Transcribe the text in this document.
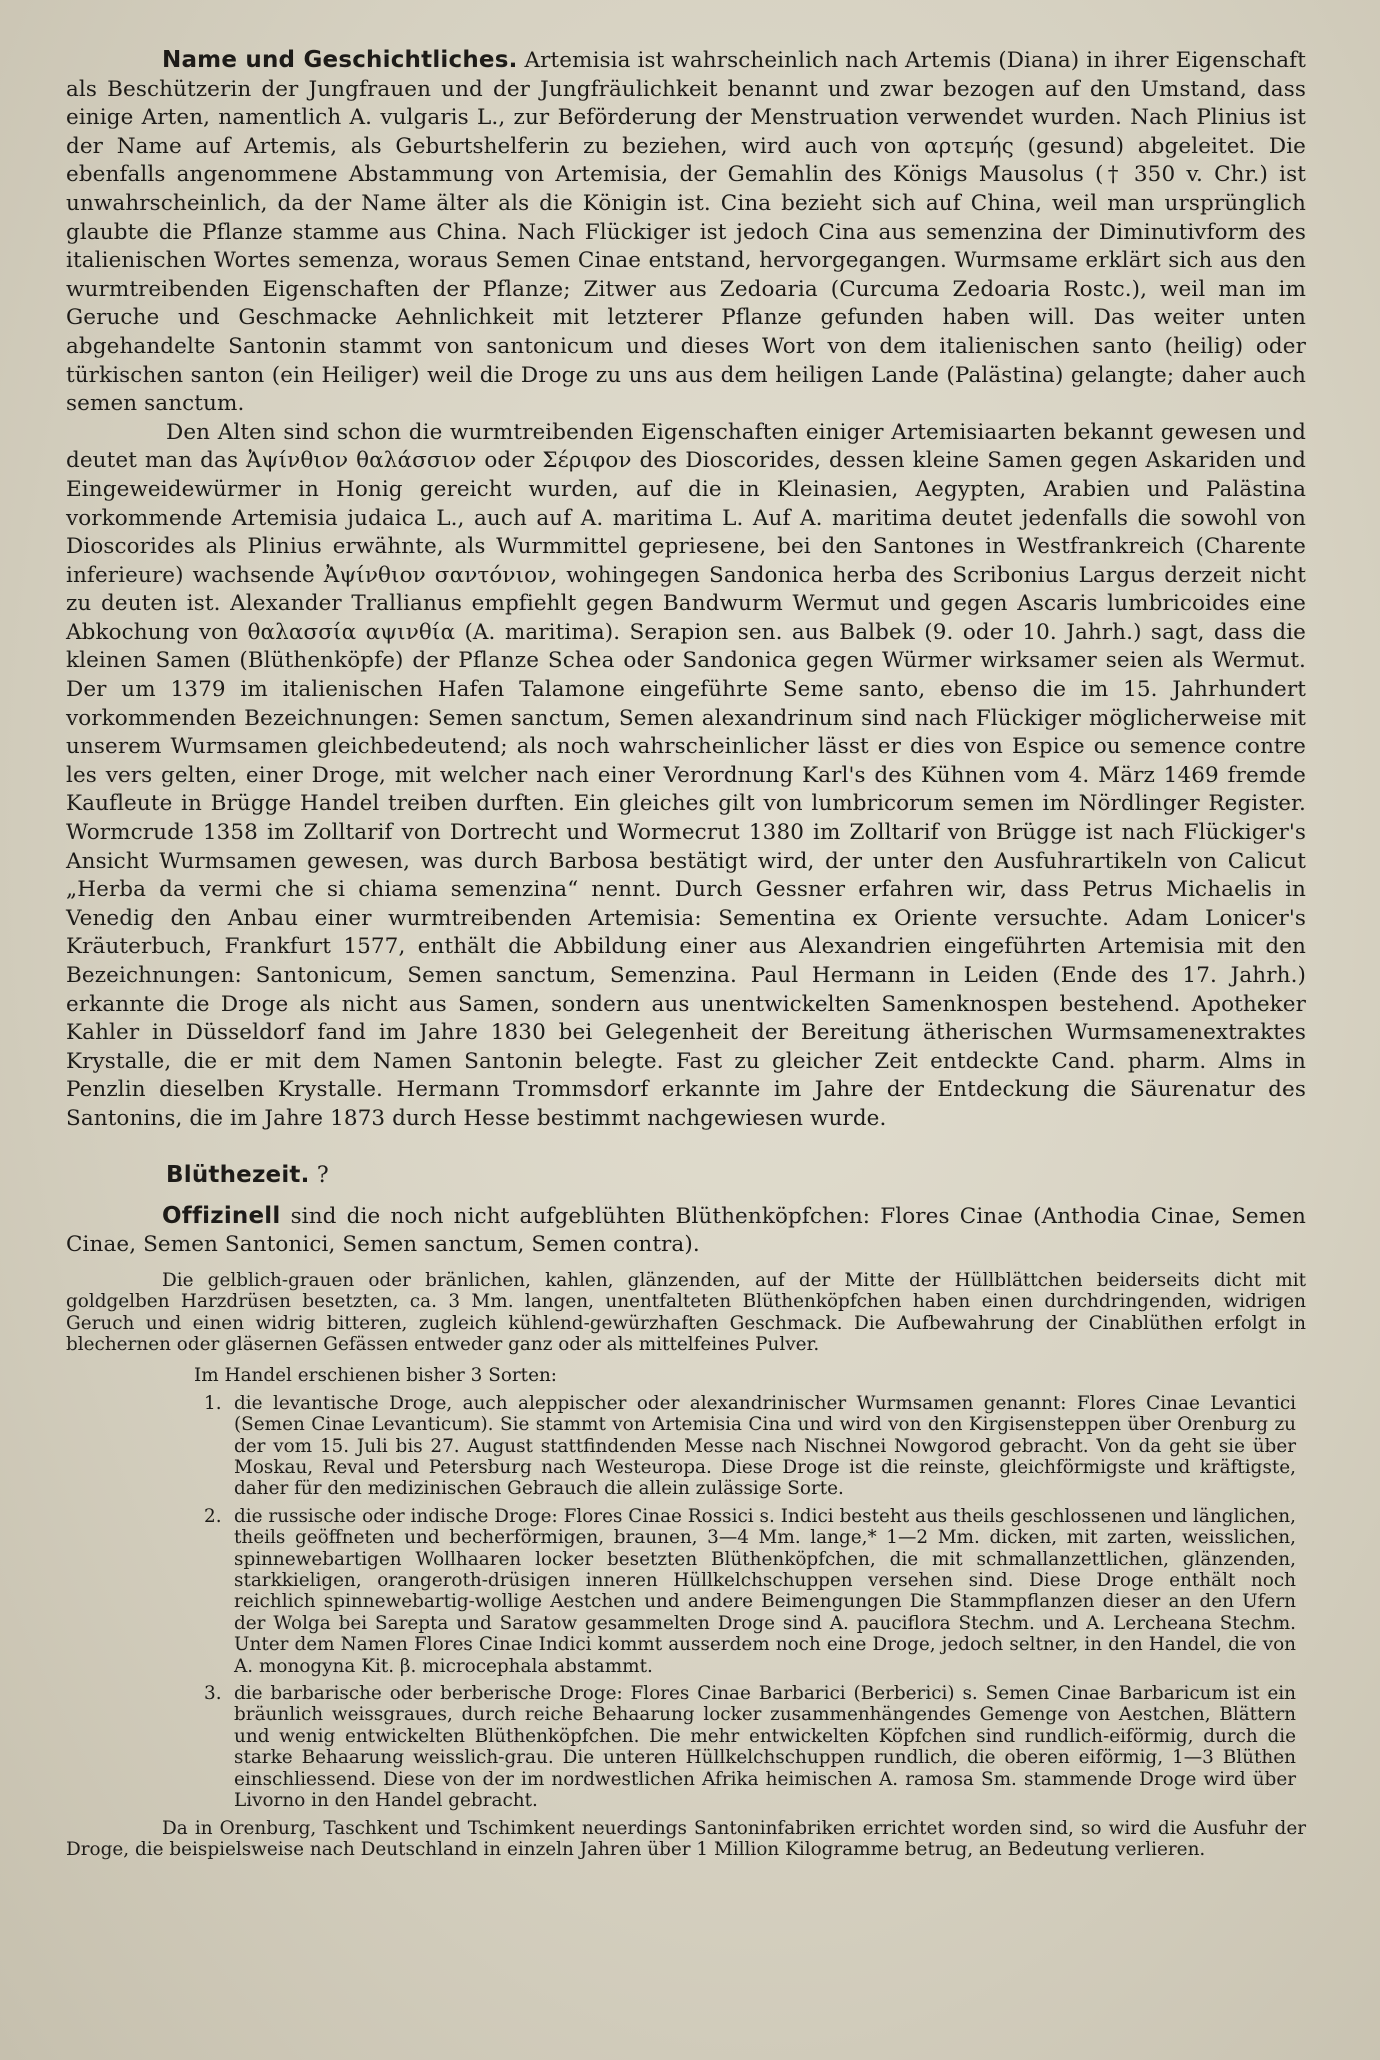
Name und Geschichtliches. Artemisia ist wahrscheinlich nach Artemis (Diana) in ihrer Eigenschaft als Beschützerin der Jungfrauen und der Jungfräulichkeit benannt und zwar bezogen auf den Umstand, dass einige Arten, namentlich A. vulgaris L., zur Beförderung der Menstruation verwendet wurden. Nach Plinius ist der Name auf Artemis, als Geburtshelferin zu beziehen, wird auch von αρτεμής (gesund) abgeleitet. Die ebenfalls angenommene Abstammung von Artemisia, der Gemahlin des Königs Mausolus († 350 v. Chr.) ist unwahrscheinlich, da der Name älter als die Königin ist. Cina bezieht sich auf China, weil man ursprünglich glaubte die Pflanze stamme aus China. Nach Flückiger ist jedoch Cina aus semenzina der Diminutivform des italienischen Wortes semenza, woraus Semen Cinae entstand, hervorgegangen. Wurmsame erklärt sich aus den wurmtreibenden Eigenschaften der Pflanze; Zitwer aus Zedoaria (Curcuma Zedoaria Rostc.), weil man im Geruche und Geschmacke Aehnlichkeit mit letzterer Pflanze gefunden haben will. Das weiter unten abgehandelte Santonin stammt von santonicum und dieses Wort von dem italienischen santo (heilig) oder türkischen santon (ein Heiliger) weil die Droge zu uns aus dem heiligen Lande (Palästina) gelangte; daher auch semen sanctum.

Den Alten sind schon die wurmtreibenden Eigenschaften einiger Artemisiaarten bekannt gewesen und deutet man das Ἀψίνθιον θαλάσσιον oder Σέριφον des Dioscorides, dessen kleine Samen gegen Askariden und Eingeweidewürmer in Honig gereicht wurden, auf die in Kleinasien, Aegypten, Arabien und Palästina vorkommende Artemisia judaica L., auch auf A. maritima L. Auf A. maritima deutet jedenfalls die sowohl von Dioscorides als Plinius erwähnte, als Wurmmittel gepriesene, bei den Santones in Westfrankreich (Charente inferieure) wachsende Ἀψίνθιον σαντόνιον, wohingegen Sandonica herba des Scribonius Largus derzeit nicht zu deuten ist. Alexander Trallianus empfiehlt gegen Bandwurm Wermut und gegen Ascaris lumbricoides eine Abkochung von θαλασσία αψινθία (A. maritima). Serapion sen. aus Balbek (9. oder 10. Jahrh.) sagt, dass die kleinen Samen (Blüthenköpfe) der Pflanze Schea oder Sandonica gegen Würmer wirksamer seien als Wermut. Der um 1379 im italienischen Hafen Talamone eingeführte Seme santo, ebenso die im 15. Jahrhundert vorkommenden Bezeichnungen: Semen sanctum, Semen alexandrinum sind nach Flückiger möglicherweise mit unserem Wurmsamen gleichbedeutend; als noch wahrscheinlicher lässt er dies von Espice ou semence contre les vers gelten, einer Droge, mit welcher nach einer Verordnung Karl's des Kühnen vom 4. März 1469 fremde Kaufleute in Brügge Handel treiben durften. Ein gleiches gilt von lumbricorum semen im Nördlinger Register. Wormcrude 1358 im Zolltarif von Dortrecht und Wormecrut 1380 im Zolltarif von Brügge ist nach Flückiger's Ansicht Wurmsamen gewesen, was durch Barbosa bestätigt wird, der unter den Ausfuhrartikeln von Calicut „Herba da vermi che si chiama semenzina“ nennt. Durch Gessner erfahren wir, dass Petrus Michaelis in Venedig den Anbau einer wurmtreibenden Artemisia: Sementina ex Oriente versuchte. Adam Lonicer's Kräuterbuch, Frankfurt 1577, enthält die Abbildung einer aus Alexandrien eingeführten Artemisia mit den Bezeichnungen: Santonicum, Semen sanctum, Semenzina. Paul Hermann in Leiden (Ende des 17. Jahrh.) erkannte die Droge als nicht aus Samen, sondern aus unentwickelten Samenknospen bestehend. Apotheker Kahler in Düsseldorf fand im Jahre 1830 bei Gelegenheit der Bereitung ätherischen Wurmsamenextraktes Krystalle, die er mit dem Namen Santonin belegte. Fast zu gleicher Zeit entdeckte Cand. pharm. Alms in Penzlin dieselben Krystalle. Hermann Trommsdorf erkannte im Jahre der Entdeckung die Säurenatur des Santonins, die im Jahre 1873 durch Hesse bestimmt nachgewiesen wurde.

Blüthezeit. ?

Offizinell sind die noch nicht aufgeblühten Blüthenköpfchen: Flores Cinae (Anthodia Cinae, Semen Cinae, Semen Santonici, Semen sanctum, Semen contra).

Die gelblich-grauen oder bränlichen, kahlen, glänzenden, auf der Mitte der Hüllblättchen beiderseits dicht mit goldgelben Harzdrüsen besetzten, ca. 3 Mm. langen, unentfalteten Blüthenköpfchen haben einen durchdringenden, widrigen Geruch und einen widrig bitteren, zugleich kühlend-gewürzhaften Geschmack. Die Aufbewahrung der Cinablüthen erfolgt in blechernen oder gläsernen Gefässen entweder ganz oder als mittelfeines Pulver.

Im Handel erschienen bisher 3 Sorten:
1. die levantische Droge, auch aleppischer oder alexandrinischer Wurmsamen genannt: Flores Cinae Levantici (Semen Cinae Levanticum). Sie stammt von Artemisia Cina und wird von den Kirgisensteppen über Orenburg zu der vom 15. Juli bis 27. August stattfindenden Messe nach Nischnei Nowgorod gebracht. Von da geht sie über Moskau, Reval und Petersburg nach Westeuropa. Diese Droge ist die reinste, gleichförmigste und kräftigste, daher für den medizinischen Gebrauch die allein zulässige Sorte.
2. die russische oder indische Droge: Flores Cinae Rossici s. Indici besteht aus theils geschlossenen und länglichen, theils geöffneten und becherförmigen, braunen, 3—4 Mm. lange,* 1—2 Mm. dicken, mit zarten, weisslichen, spinnewebartigen Wollhaaren locker besetzten Blüthenköpfchen, die mit schmallanzettlichen, glänzenden, starkkieligen, orangeroth-drüsigen inneren Hüllkelchschuppen versehen sind. Diese Droge enthält noch reichlich spinnewebartig-wollige Aestchen und andere Beimengungen Die Stammpflanzen dieser an den Ufern der Wolga bei Sarepta und Saratow gesammelten Droge sind A. pauciflora Stechm. und A. Lercheana Stechm. Unter dem Namen Flores Cinae Indici kommt ausserdem noch eine Droge, jedoch seltner, in den Handel, die von A. monogyna Kit. β. microcephala abstammt.
3. die barbarische oder berberische Droge: Flores Cinae Barbarici (Berberici) s. Semen Cinae Barbaricum ist ein bräunlich weissgraues, durch reiche Behaarung locker zusammenhängendes Gemenge von Aestchen, Blättern und wenig entwickelten Blüthenköpfchen. Die mehr entwickelten Köpfchen sind rundlich-eiförmig, durch die starke Behaarung weisslich-grau. Die unteren Hüllkelchschuppen rundlich, die oberen eiförmig, 1—3 Blüthen einschliessend. Diese von der im nordwestlichen Afrika heimischen A. ramosa Sm. stammende Droge wird über Livorno in den Handel gebracht.

Da in Orenburg, Taschkent und Tschimkent neuerdings Santoninfabriken errichtet worden sind, so wird die Ausfuhr der Droge, die beispielsweise nach Deutschland in einzeln Jahren über 1 Million Kilogramme betrug, an Bedeutung verlieren.
